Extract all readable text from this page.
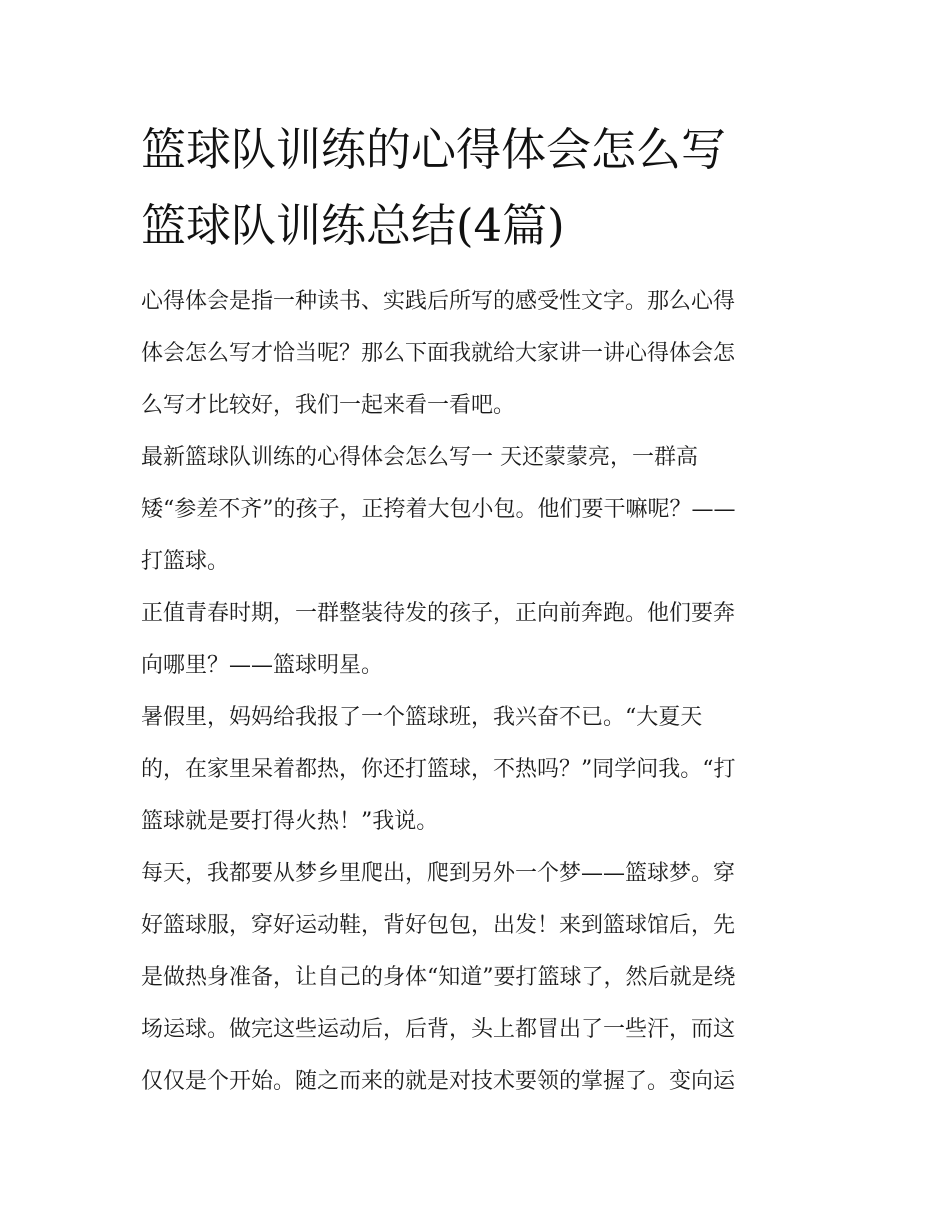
篮球队训练的心得体会怎么写
篮球队训练总结(4篇)

心得体会是指一种读书、实践后所写的感受性文字。那么心得
体会怎么写才恰当呢？那么下面我就给大家讲一讲心得体会怎
么写才比较好，我们一起来看一看吧。

最新篮球队训练的心得体会怎么写一 天还蒙蒙亮，一群高
矮“参差不齐”的孩子，正挎着大包小包。他们要干嘛呢？——
打篮球。

正值青春时期，一群整装待发的孩子，正向前奔跑。他们要奔
向哪里？——篮球明星。

暑假里，妈妈给我报了一个篮球班，我兴奋不已。“大夏天
的，在家里呆着都热，你还打篮球，不热吗？”同学问我。“打
篮球就是要打得火热！”我说。

每天，我都要从梦乡里爬出，爬到另外一个梦——篮球梦。穿
好篮球服，穿好运动鞋，背好包包，出发！来到篮球馆后，先
是做热身准备，让自己的身体“知道”要打篮球了，然后就是绕
场运球。做完这些运动后，后背，头上都冒出了一些汗，而这
仅仅是个开始。随之而来的就是对技术要领的掌握了。变向运
